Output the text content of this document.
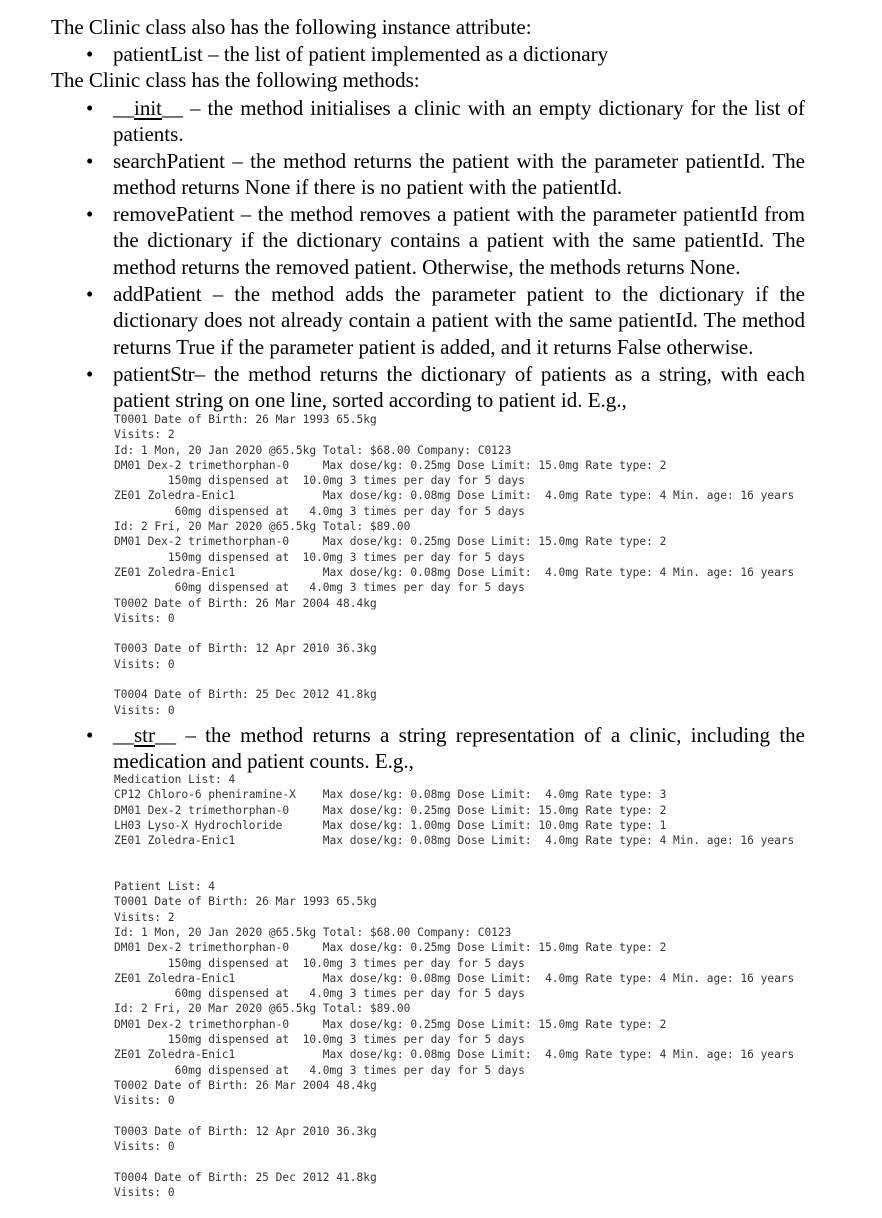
The Clinic class also has the following instance attribute:
• patientList – the list of patient implemented as a dictionary
The Clinic class has the following methods:
• __init__ – the method initialises a clinic with an empty dictionary for the list of patients.
• searchPatient – the method returns the patient with the parameter patientId. The method returns None if there is no patient with the patientId.
• removePatient – the method removes a patient with the parameter patientId from the dictionary if the dictionary contains a patient with the same patientId. The method returns the removed patient. Otherwise, the methods returns None.
• addPatient – the method adds the parameter patient to the dictionary if the dictionary does not already contain a patient with the same patientId. The method returns True if the parameter patient is added, and it returns False otherwise.
• patientStr– the method returns the dictionary of patients as a string, with each patient string on one line, sorted according to patient id. E.g.,
T0001 Date of Birth: 26 Mar 1993 65.5kg
Visits: 2
Id: 1 Mon, 20 Jan 2020 @65.5kg Total: $68.00 Company: C0123
DM01 Dex-2 trimethorphan-0     Max dose/kg: 0.25mg Dose Limit: 15.0mg Rate type: 2
150mg dispensed at  10.0mg 3 times per day for 5 days
ZE01 Zoledra-Enic1             Max dose/kg: 0.08mg Dose Limit:  4.0mg Rate type: 4 Min. age: 16 years
60mg dispensed at   4.0mg 3 times per day for 5 days
Id: 2 Fri, 20 Mar 2020 @65.5kg Total: $89.00
DM01 Dex-2 trimethorphan-0     Max dose/kg: 0.25mg Dose Limit: 15.0mg Rate type: 2
150mg dispensed at  10.0mg 3 times per day for 5 days
ZE01 Zoledra-Enic1             Max dose/kg: 0.08mg Dose Limit:  4.0mg Rate type: 4 Min. age: 16 years
60mg dispensed at   4.0mg 3 times per day for 5 days
T0002 Date of Birth: 26 Mar 2004 48.4kg
Visits: 0
T0003 Date of Birth: 12 Apr 2010 36.3kg
Visits: 0
T0004 Date of Birth: 25 Dec 2012 41.8kg
Visits: 0
• __str__ – the method returns a string representation of a clinic, including the medication and patient counts. E.g.,
Medication List: 4
CP12 Chloro-6 pheniramine-X    Max dose/kg: 0.08mg Dose Limit:  4.0mg Rate type: 3
DM01 Dex-2 trimethorphan-0     Max dose/kg: 0.25mg Dose Limit: 15.0mg Rate type: 2
LH03 Lyso-X Hydrochloride      Max dose/kg: 1.00mg Dose Limit: 10.0mg Rate type: 1
ZE01 Zoledra-Enic1             Max dose/kg: 0.08mg Dose Limit:  4.0mg Rate type: 4 Min. age: 16 years
Patient List: 4
T0001 Date of Birth: 26 Mar 1993 65.5kg
Visits: 2
Id: 1 Mon, 20 Jan 2020 @65.5kg Total: $68.00 Company: C0123
DM01 Dex-2 trimethorphan-0     Max dose/kg: 0.25mg Dose Limit: 15.0mg Rate type: 2
150mg dispensed at  10.0mg 3 times per day for 5 days
ZE01 Zoledra-Enic1             Max dose/kg: 0.08mg Dose Limit:  4.0mg Rate type: 4 Min. age: 16 years
60mg dispensed at   4.0mg 3 times per day for 5 days
Id: 2 Fri, 20 Mar 2020 @65.5kg Total: $89.00
DM01 Dex-2 trimethorphan-0     Max dose/kg: 0.25mg Dose Limit: 15.0mg Rate type: 2
150mg dispensed at  10.0mg 3 times per day for 5 days
ZE01 Zoledra-Enic1             Max dose/kg: 0.08mg Dose Limit:  4.0mg Rate type: 4 Min. age: 16 years
60mg dispensed at   4.0mg 3 times per day for 5 days
T0002 Date of Birth: 26 Mar 2004 48.4kg
Visits: 0
T0003 Date of Birth: 12 Apr 2010 36.3kg
Visits: 0
T0004 Date of Birth: 25 Dec 2012 41.8kg
Visits: 0
